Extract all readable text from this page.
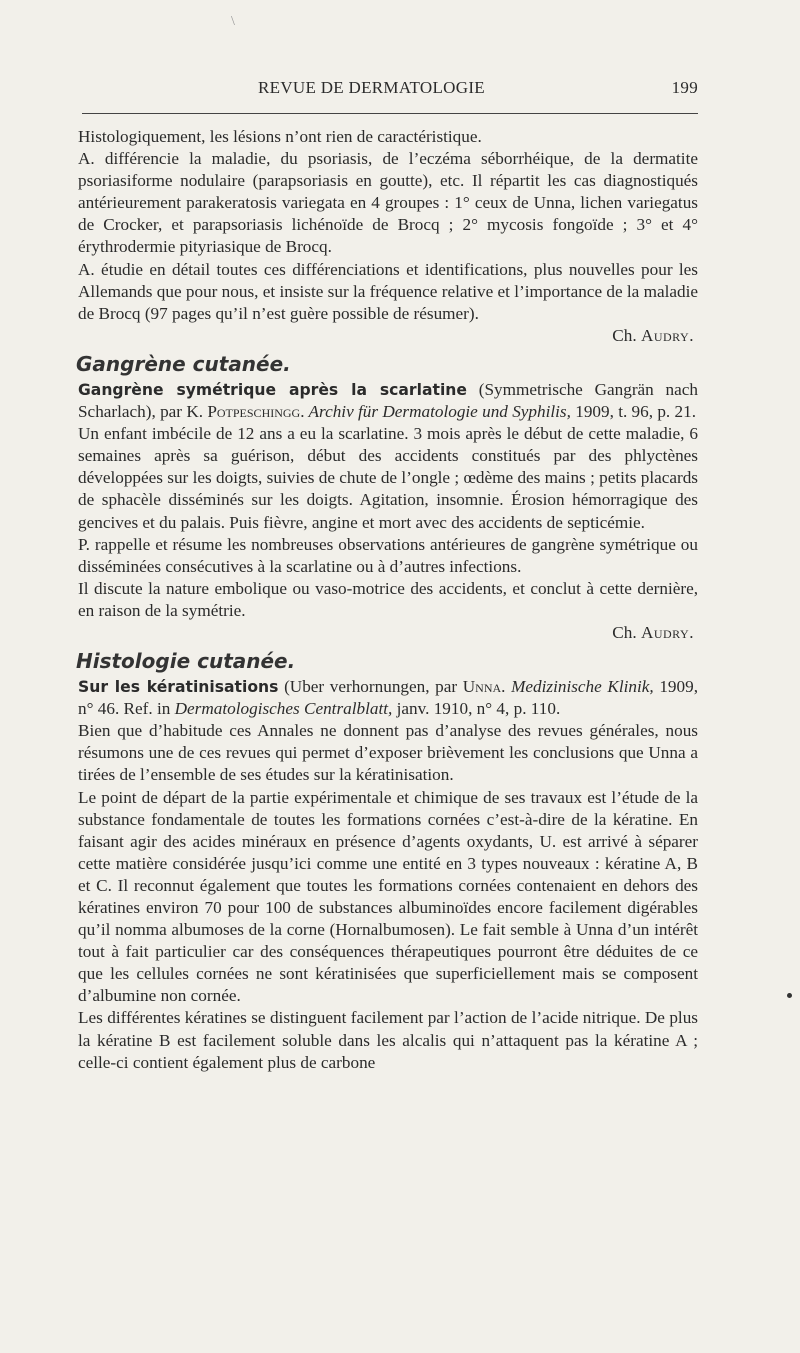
\
REVUE DE DERMATOLOGIE	199

Histologiquement, les lésions n’ont rien de caractéristique.

A. différencie la maladie, du psoriasis, de l’eczéma séborrhéique, de la dermatite psoriasiforme nodulaire (parapsoriasis en goutte), etc. Il répartit les cas diagnostiqués antérieurement parakeratosis variegata en 4 groupes : 1° ceux de Unna, lichen variegatus de Crocker, et parapsoriasis lichénoïde de Brocq ; 2° mycosis fongoïde ; 3° et 4° érythrodermie pityriasique de Brocq.

A. étudie en détail toutes ces différenciations et identifications, plus nouvelles pour les Allemands que pour nous, et insiste sur la fréquence relative et l’importance de la maladie de Brocq (97 pages qu’il n’est guère possible de résumer).
Ch. Audry.

Gangrène cutanée.

Gangrène symétrique après la scarlatine (Symmetrische Gangrän nach Scharlach), par K. Potpeschingg. Archiv für Dermatologie und Syphilis, 1909, t. 96, p. 21.

Un enfant imbécile de 12 ans a eu la scarlatine. 3 mois après le début de cette maladie, 6 semaines après sa guérison, début des accidents constitués par des phlyctènes développées sur les doigts, suivies de chute de l’ongle ; œdème des mains ; petits placards de sphacèle disséminés sur les doigts. Agitation, insomnie. Érosion hémorragique des gencives et du palais. Puis fièvre, angine et mort avec des accidents de septicémie.

P. rappelle et résume les nombreuses observations antérieures de gangrène symétrique ou disséminées consécutives à la scarlatine ou à d’autres infections.

Il discute la nature embolique ou vaso-motrice des accidents, et conclut à cette dernière, en raison de la symétrie.
Ch. Audry.

Histologie cutanée.

Sur les kératinisations (Uber verhornungen, par Unna. Medizinische Klinik, 1909, n° 46. Ref. in Dermatologisches Centralblatt, janv. 1910, n° 4, p. 110.

Bien que d’habitude ces Annales ne donnent pas d’analyse des revues générales, nous résumons une de ces revues qui permet d’exposer brièvement les conclusions que Unna a tirées de l’ensemble de ses études sur la kératinisation.

Le point de départ de la partie expérimentale et chimique de ses travaux est l’étude de la substance fondamentale de toutes les formations cornées c’est-à-dire de la kératine. En faisant agir des acides minéraux en présence d’agents oxydants, U. est arrivé à séparer cette matière considérée jusqu’ici comme une entité en 3 types nouveaux : kératine A, B et C. Il reconnut également que toutes les formations cornées contenaient en dehors des kératines environ 70 pour 100 de substances albuminoïdes encore facilement digérables qu’il nomma albumoses de la corne (Hornalbumosen). Le fait semble à Unna d’un intérêt tout à fait particulier car des conséquences thérapeutiques pourront être déduites de ce que les cellules cornées ne sont kératinisées que superficiellement mais se composent d’albumine non cornée.

Les différentes kératines se distinguent facilement par l’action de l’acide nitrique. De plus la kératine B est facilement soluble dans les alcalis qui n’attaquent pas la kératine A ; celle-ci contient également plus de carbone
